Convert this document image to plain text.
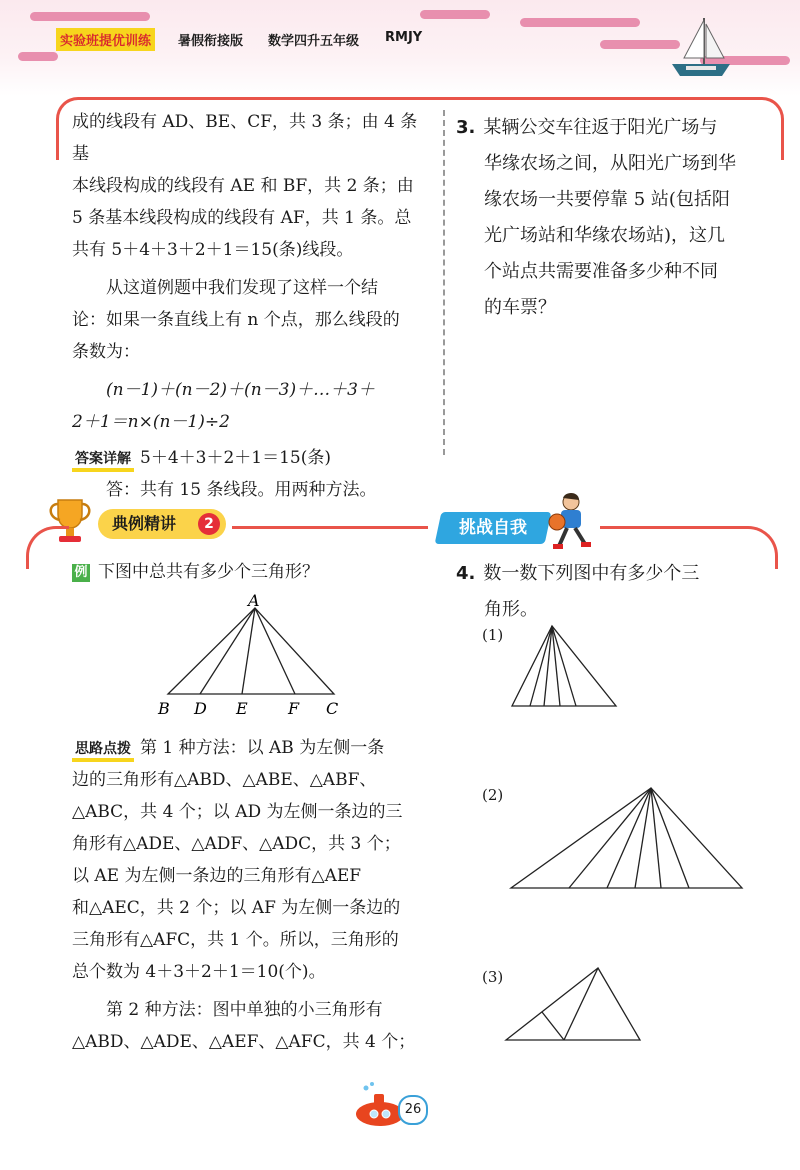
实验班提优训练	暑假衔接版 数学四升五年级 RMJY

成的线段有 AD、BE、CF，共 3 条；由 4 条基

本线段构成的线段有 AE 和 BF，共 2 条；由

5 条基本线段构成的线段有 AF，共 1 条。总

共有 5＋4＋3＋2＋1＝15(条)线段。

从这道例题中我们发现了这样一个结

论：如果一条直线上有 n 个点，那么线段的

条数为：

(n－1)＋(n－2)＋(n－3)＋…＋3＋

2＋1＝n×(n－1)÷2

答案详解 5＋4＋3＋2＋1＝15(条)

答：共有 15 条线段。用两种方法。

3. 某辆公交车往返于阳光广场与

华缘农场之间，从阳光广场到华

缘农场一共要停靠 5 站(包括阳

光广场站和华缘农场站)，这几

个站点共需要准备多少种不同

的车票？

典例精讲	2	挑战自我

例 下图中总共有多少个三角形？

A
B D E	F C

思路点拨 第 1 种方法：以 AB 为左侧一条

边的三角形有△ABD、△ABE、△ABF、

△ABC，共 4 个；以 AD 为左侧一条边的三

角形有△ADE、△ADF、△ADC，共 3 个；

以 AE 为左侧一条边的三角形有△AEF

和△AEC，共 2 个；以 AF 为左侧一条边的

三角形有△AFC，共 1 个。所以，三角形的

总个数为 4＋3＋2＋1＝10(个)。

第 2 种方法：图中单独的小三角形有

△ABD、△ADE、△AEF、△AFC，共 4 个；

4. 数一数下列图中有多少个三

角形。

(1)
(2)
(3)
26
